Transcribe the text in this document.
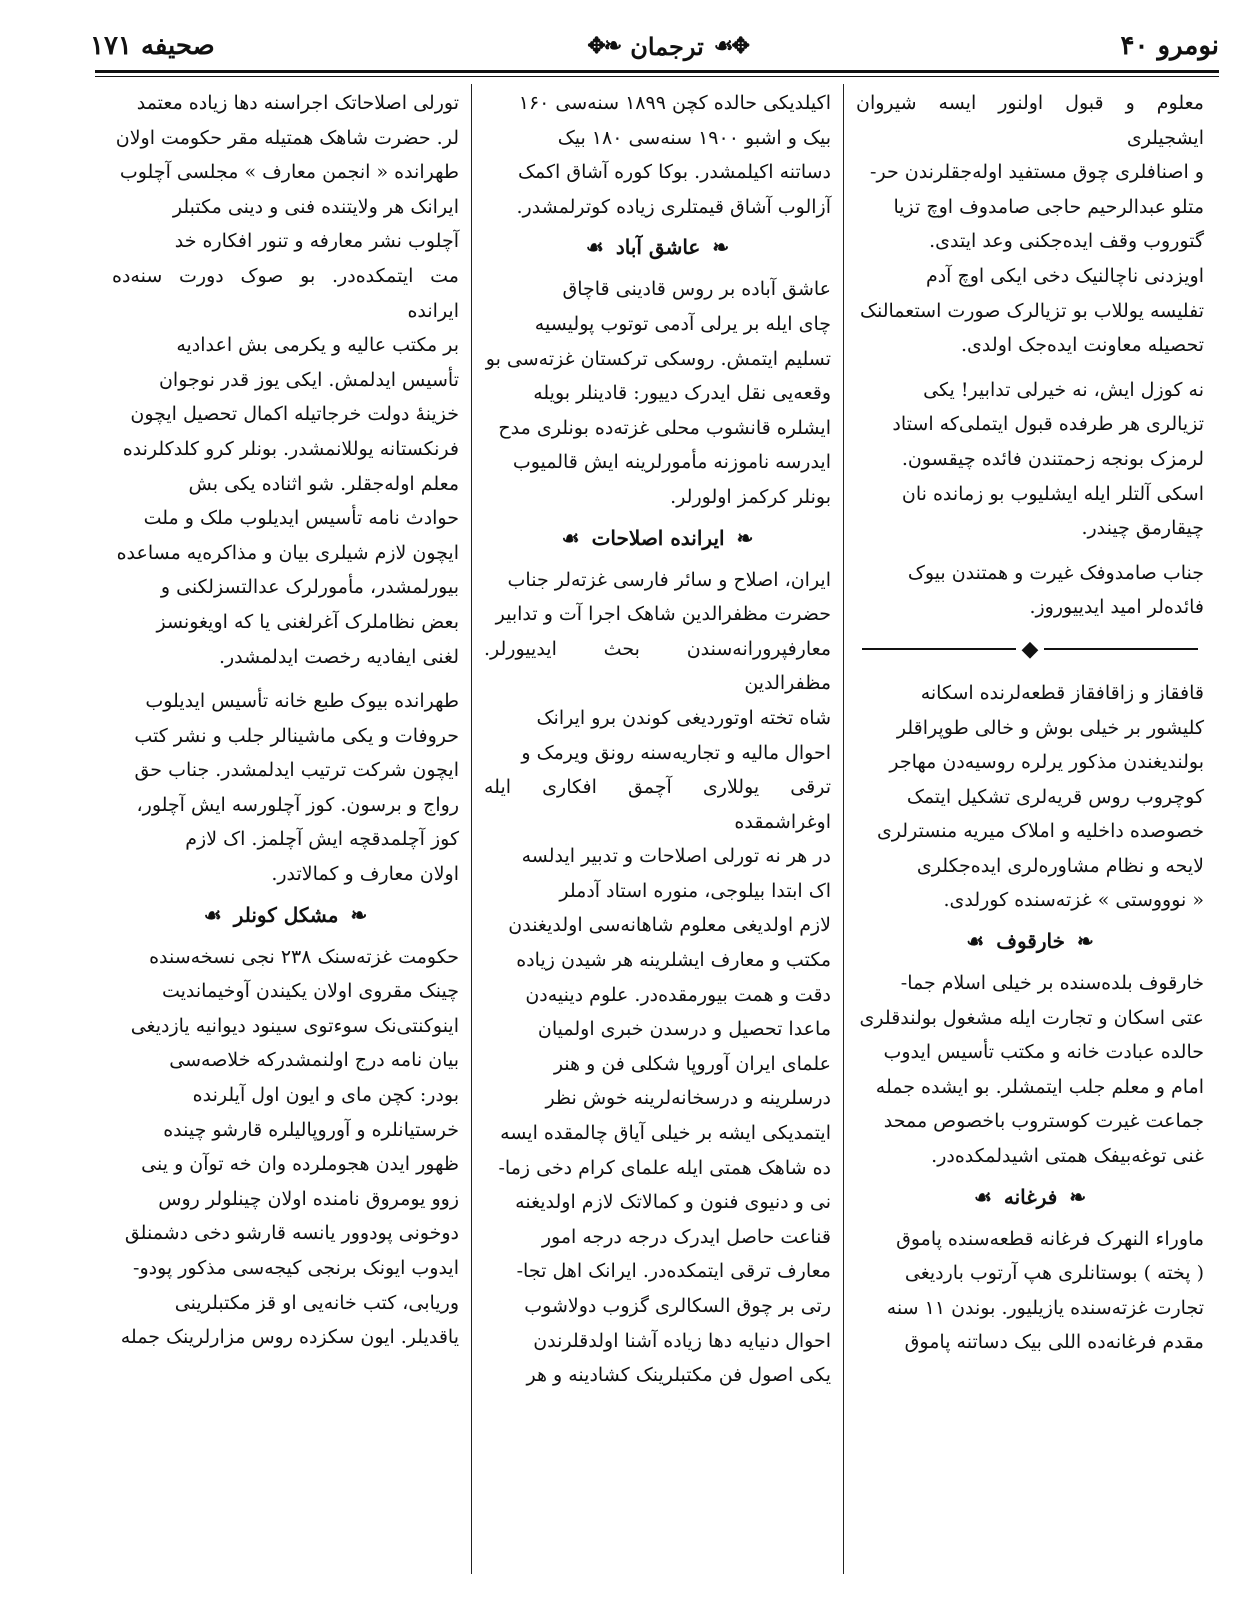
صحیفه ۱۷۱	✥❧ ترجمان ☙✥	نومرو ۴۰

معلوم و قبول اولنور ایسه شیروان ایشجیلری

و اصنافلری چوق مستفید اوله‌جقلرندن حر-

متلو عبدالرحیم حاجی صامدوف اوچ تزیا

گتوروب وقف ایده‌جکنی وعد ایتدی.

اویزدنی ناچالنیک دخی ایکی اوچ آدم

تفلیسه یوللاب بو تزیالرک صورت استعمالنک

تحصیله معاونت ایده‌جک اولدی.

نه کوزل ایش، نه خیرلی تدابیر! یکی

تزیالری هر طرفده قبول ایتملی‌که استاد

لرمزک بونجه زحمتندن فائده چیقسون.

اسکی آلتلر ایله ایشلیوب بو زمانده نان

چیقارمق چیندر.

جناب صامدوفک غیرت و همتندن بیوک

فائده‌لر امید ایدییوروز.

◆

قافقاز و زاقافقاز قطعه‌لرنده اسکانه

کلیشور بر خیلی بوش و خالی طوپراقلر

بولندیغندن مذکور یرلره روسیه‌دن مهاجر

کوچروب روس قریه‌لری تشکیل ایتمک

خصوصده داخلیه و املاک میریه منسترلری

لایحه و نظام مشاوره‌لری ایده‌جکلری

« نوووستی » غزته‌سنده کورلدی.

❧
خارقوف
☙

خارقوف بلده‌سنده بر خیلی اسلام جما-

عتی اسکان و تجارت ایله مشغول بولندقلری

حالده عبادت خانه و مکتب تأسیس ایدوب

امام و معلم جلب ایتمشلر. بو ایشده جمله

جماعت غیرت کوستروب باخصوص ممحد

غنی توغه‌بیفک همتی اشیدلمکده‌در.

❧
فرغانه
☙

ماوراء النهرک فرغانه قطعه‌سنده پاموق

( پخته ) بوستانلری هپ آرتوب باردیغی

تجارت غزته‌سنده یازیلیور. بوندن ۱۱ سنه

مقدم فرغانه‌ده اللی بیک دساتنه پاموق

اکیلدیکی حالده کچن ۱۸۹۹ سنه‌سی ۱۶۰

بیک و اشبو ۱۹۰۰ سنه‌سی ۱۸۰ بیک

دساتنه اکیلمشدر. بوکا کوره آشاق اکمک

آزالوب آشاق قیمتلری زیاده کوترلمشدر.

❧
عاشق آباد
☙

عاشق آباده بر روس قادینی قاچاق

چای ایله بر یرلی آدمی توتوب پولیسیه

تسلیم ایتمش. روسکی ترکستان غزته‌سی بو

وقعه‌یی نقل ایدرک دییور: قادینلر بویله

ایشلره قانشوب محلی غزته‌ده بونلری مدح

ایدرسه ناموزنه مأمورلرینه ایش قالمیوب

بونلر کرکمز اولورلر.

❧
ایرانده اصلاحات
☙

ایران، اصلاح و سائر فارسی غزته‌لر جناب

حضرت مظفرالدین شاهک اجرا آت و تدابیر

معارفپرورانه‌سندن بحث ایدییورلر. مظفرالدین

شاه تخته اوتوردیغی کوندن برو ایرانک

احوال مالیه و تجاریه‌سنه رونق ویرمک و

ترقی یوللاری آچمق افکاری ایله اوغراشمقده

در هر نه تورلی اصلاحات و تدبیر ایدلسه

اک ابتدا بیلوجی، منوره استاد آدملر

لازم اولدیغی معلوم شاهانه‌سی اولدیغندن

مکتب و معارف ایشلرینه هر شیدن زیاده

دقت و همت بیورمقده‌در. علوم دینیه‌دن

ماعدا تحصیل و درسدن خبری اولمیان

علمای ایران آوروپا شکلی فن و هنر

درسلرینه و درسخانه‌لرینه خوش نظر

ایتمدیکی ایشه بر خیلی آیاق چالمقده ایسه

ده شاهک همتی ایله علمای کرام دخی زما-

نی و دنیوی فنون و کمالاتک لازم اولدیغنه

قناعت حاصل ایدرک درجه درجه امور

معارف ترقی ایتمکده‌در. ایرانک اهل تجا-

رتی بر چوق السکالری گزوب دولاشوب

احوال دنیایه دها زیاده آشنا اولدقلرندن

یکی اصول فن مکتبلرینک کشادینه و هر

تورلی اصلاحاتک اجراسنه دها زیاده معتمد

لر. حضرت شاهک همتیله مقر حکومت اولان

طهرانده « انجمن معارف » مجلسی آچلوب

ایرانک هر ولایتنده فنی و دینی مکتبلر

آچلوب نشر معارفه و تنور افکاره خد

مت ایتمکده‌در. بو صوک دورت سنه‌ده ایرانده

بر مکتب عالیه و یکرمی بش اعدادیه

تأسیس ایدلمش. ایکی یوز قدر نوجوان

خزینهٔ دولت خرجاتیله اکمال تحصیل ایچون

فرنکستانه یوللانمشدر. بونلر کرو کلدکلرنده

معلم اوله‌جقلر. شو اثناده یکی بش

حوادث نامه تأسیس ایدیلوب ملک و ملت

ایچون لازم شیلری بیان و مذاکره‌یه مساعده

بیورلمشدر، مأمورلرک عدالتسزلکنی و

بعض نظاملرک آغرلغنی یا که اویغونسز

لغنی ایفادیه رخصت ایدلمشدر.

طهرانده بیوک طبع خانه تأسیس ایدیلوب

حروفات و یکی ماشینالر جلب و نشر کتب

ایچون شرکت ترتیب ایدلمشدر. جناب حق

رواج و برسون. کوز آچلورسه ایش آچلور،

کوز آچلمدقچه ایش آچلمز. اک لازم

اولان معارف و کمالاتدر.

❧
مشکل کونلر
☙

حکومت غزته‌سنک ۲۳۸ نجی نسخه‌سنده

چینک مقروی اولان یکیندن آوخیماندیت

اینوکنتی‌نک سوءتوی سینود دیوانیه یازدیغی

بیان نامه درج اولنمشدرکه خلاصه‌سی

بودر: کچن مای و ایون اول آیلرنده

خرستیانلره و آوروپالیلره قارشو چینده

ظهور ایدن هجوملرده وان خه توآن و ینی

زوو یومروق نامنده اولان چینلولر روس

دوخونی پودوور یانسه قارشو دخی دشمنلق

ایدوب ایونک برنجی کیجه‌سی مذکور پودو-

وریابی، کتب خانه‌یی او قز مکتبلرینی

یاقدیلر. ایون سکزده روس مزارلرینک جمله
